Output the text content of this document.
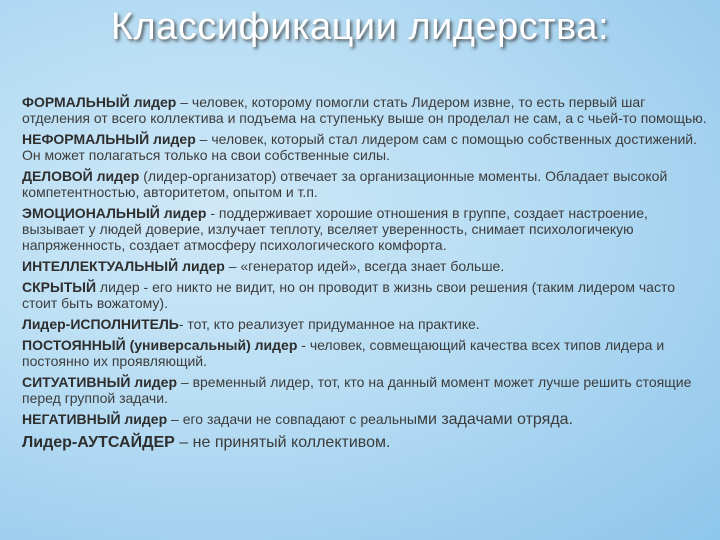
Классификации лидерства:

ФОРМАЛЬНЫЙ лидер – человек, которому помогли стать Лидером извне, то есть первый шаг отделения от всего коллектива и подъема на ступеньку выше он проделал не сам, а с чьей-то помощью.

НЕФОРМАЛЬНЫЙ лидер – человек, который стал лидером сам с помощью собственных достижений. Он может полагаться только на свои собственные силы.

ДЕЛОВОЙ лидер (лидер-организатор) отвечает за организационные моменты. Обладает высокой компетентностью, авторитетом, опытом и т.п.

ЭМОЦИОНАЛЬНЫЙ лидер - поддерживает хорошие отношения в группе, создает настроение, вызывает у людей доверие, излучает теплоту, вселяет уверенность, снимает психологичекую напряженность, создает атмосферу психологического комфорта.

ИНТЕЛЛЕКТУАЛЬНЫЙ лидер – «генератор идей», всегда знает больше.

СКРЫТЫЙ лидер - его никто не видит, но он проводит в жизнь свои решения (таким лидером часто стоит быть вожатому).

Лидер-ИСПОЛНИТЕЛЬ- тот, кто реализует придуманное на практике.

ПОСТОЯННЫЙ (универсальный) лидер - человек, совмещающий качества всех типов лидера и постоянно их проявляющий.

СИТУАТИВНЫЙ лидер – временный лидер, тот, кто на данный момент может лучше решить стоящие перед группой задачи.

НЕГАТИВНЫЙ лидер – его задачи не совпадают с реальными задачами отряда.

Лидер-АУТСАЙДЕР – не принятый коллективом.
